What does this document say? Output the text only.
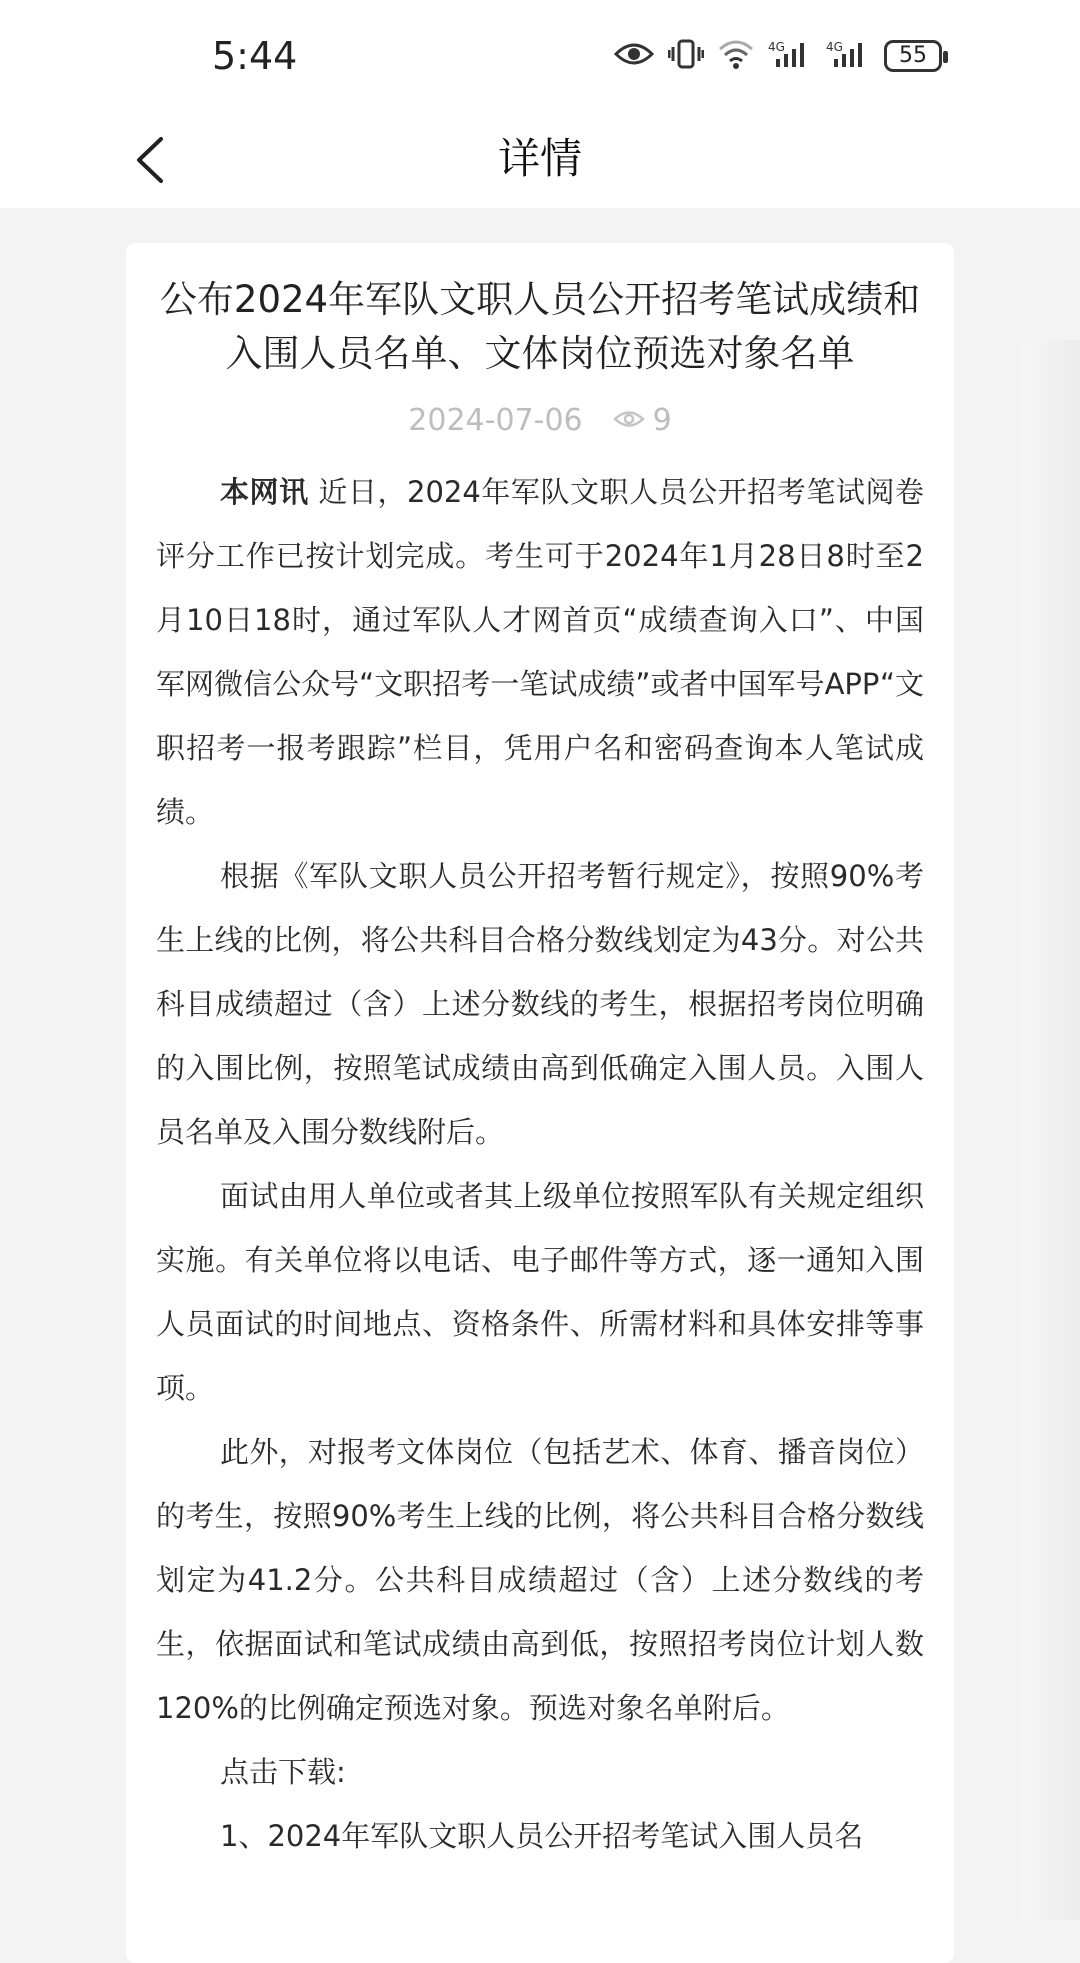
5:44	4G	4G	55
详情
公布2024年军队文职人员公开招考笔试成绩和入围人员名单、文体岗位预选对象名单
2024-07-06 9

本网讯 近日，2024年军队文职人员公开招考笔试阅卷评分工作已按计划完成。考生可于2024年1月28日8时至2月10日18时，通过军队人才网首页“成绩查询入口”、中国军网微信公众号“文职招考一笔试成绩”或者中国军号APP“文职招考一报考跟踪”栏目，凭用户名和密码查询本人笔试成绩。

根据《军队文职人员公开招考暂行规定》，按照90%考生上线的比例，将公共科目合格分数线划定为43分。对公共科目成绩超过（含）上述分数线的考生，根据招考岗位明确的入围比例，按照笔试成绩由高到低确定入围人员。入围人员名单及入围分数线附后。

面试由用人单位或者其上级单位按照军队有关规定组织实施。有关单位将以电话、电子邮件等方式，逐一通知入围人员面试的时间地点、资格条件、所需材料和具体安排等事项。

此外，对报考文体岗位（包括艺术、体育、播音岗位）的考生，按照90%考生上线的比例，将公共科目合格分数线划定为41.2分。公共科目成绩超过（含）上述分数线的考生，依据面试和笔试成绩由高到低，按照招考岗位计划人数120%的比例确定预选对象。预选对象名单附后。

点击下载:

1、2024年军队文职人员公开招考笔试入围人员名
